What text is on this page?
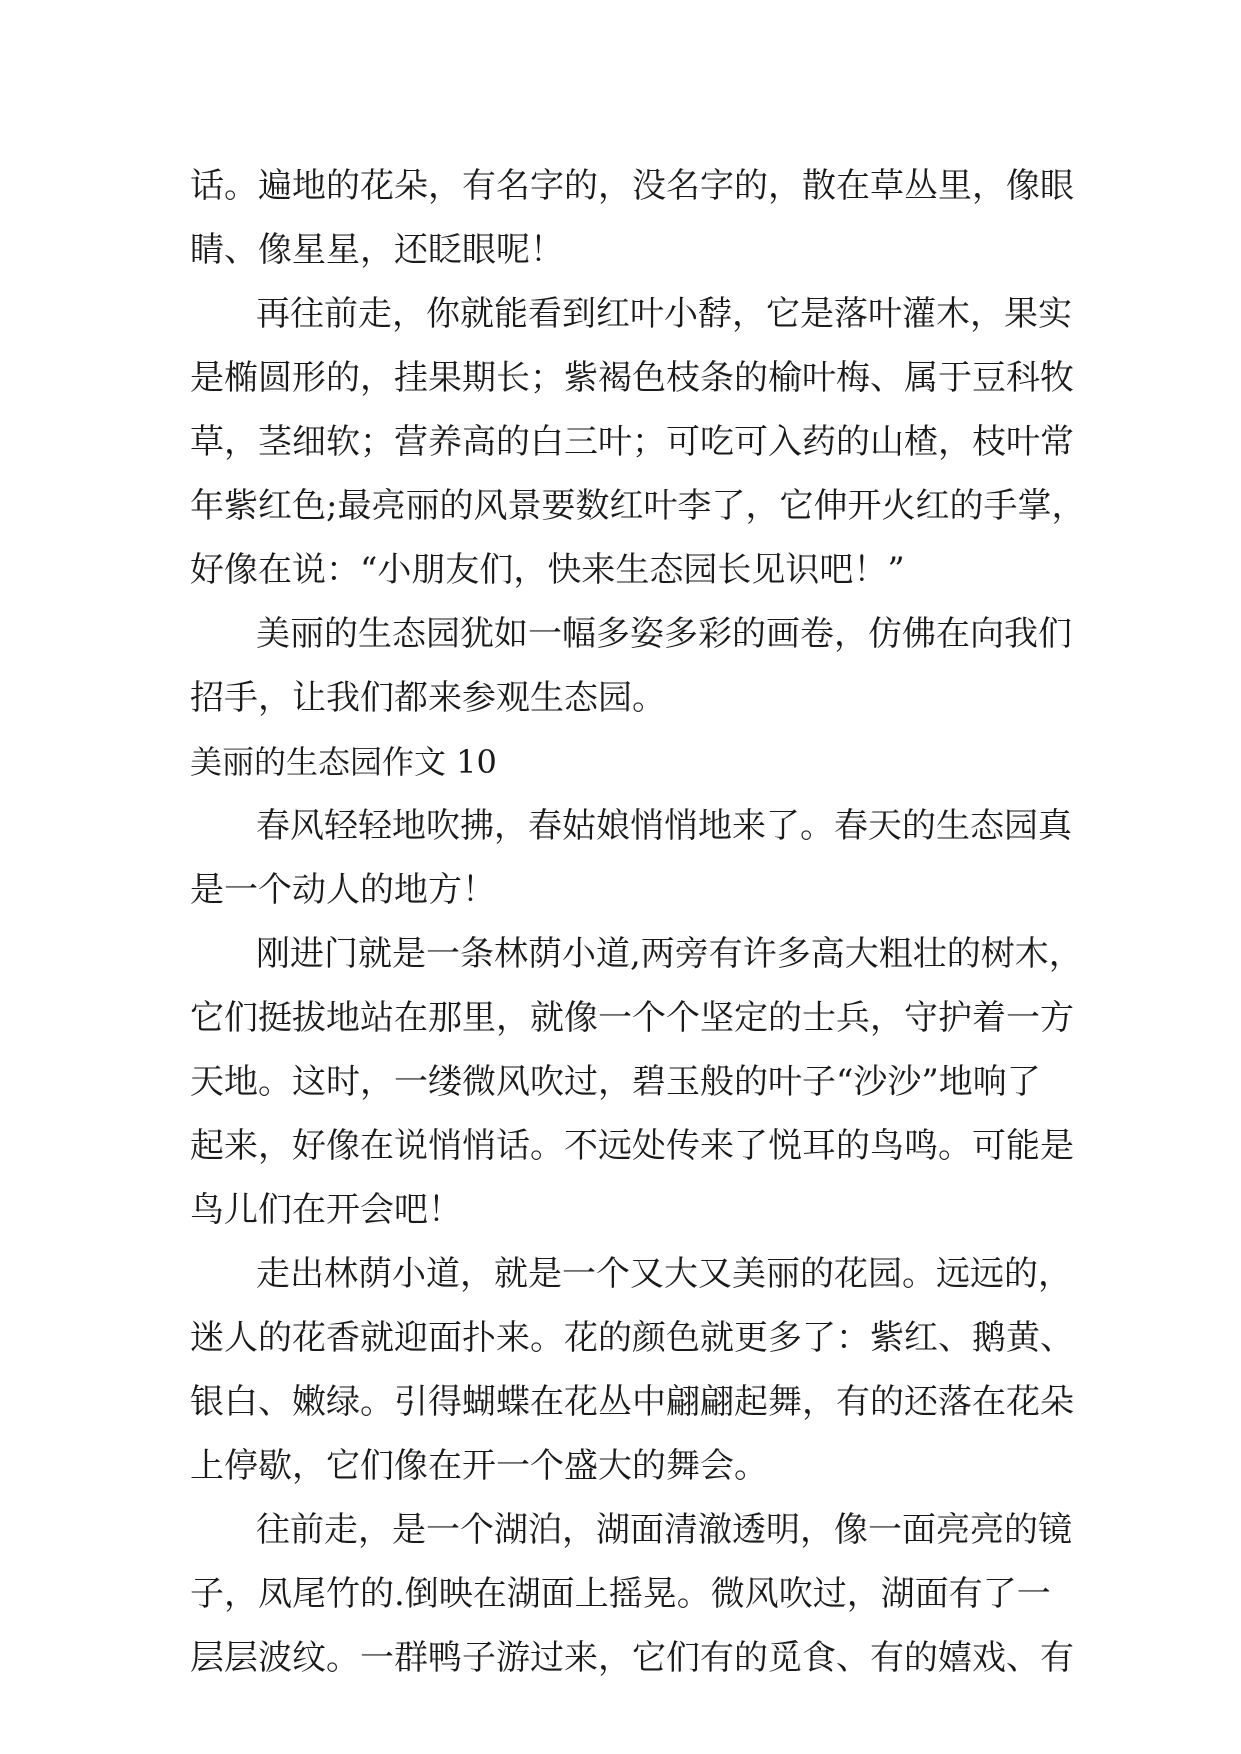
话。遍地的花朵，有名字的，没名字的，散在草丛里，像眼
睛、像星星，还眨眼呢！
再往前走，你就能看到红叶小馞，它是落叶灌木，果实
是椭圆形的，挂果期长；紫褐色枝条的榆叶梅、属于豆科牧
草，茎细软；营养高的白三叶；可吃可入药的山楂，枝叶常
年紫红色;最亮丽的风景要数红叶李了，它伸开火红的手掌，
好像在说：“小朋友们，快来生态园长见识吧！”
美丽的生态园犹如一幅多姿多彩的画卷，仿佛在向我们
招手，让我们都来参观生态园。
美丽的生态园作文 10
春风轻轻地吹拂，春姑娘悄悄地来了。春天的生态园真
是一个动人的地方！
刚进门就是一条林荫小道,两旁有许多高大粗壮的树木，
它们挺拔地站在那里，就像一个个坚定的士兵，守护着一方
天地。这时，一缕微风吹过，碧玉般的叶子“沙沙”地响了
起来，好像在说悄悄话。不远处传来了悦耳的鸟鸣。可能是
鸟儿们在开会吧！
走出林荫小道，就是一个又大又美丽的花园。远远的，
迷人的花香就迎面扑来。花的颜色就更多了：紫红、鹅黄、
银白、嫩绿。引得蝴蝶在花丛中翩翩起舞，有的还落在花朵
上停歇，它们像在开一个盛大的舞会。
往前走，是一个湖泊，湖面清澈透明，像一面亮亮的镜
子，凤尾竹的.倒映在湖面上摇晃。微风吹过，湖面有了一
层层波纹。一群鸭子游过来，它们有的觅食、有的嬉戏、有
